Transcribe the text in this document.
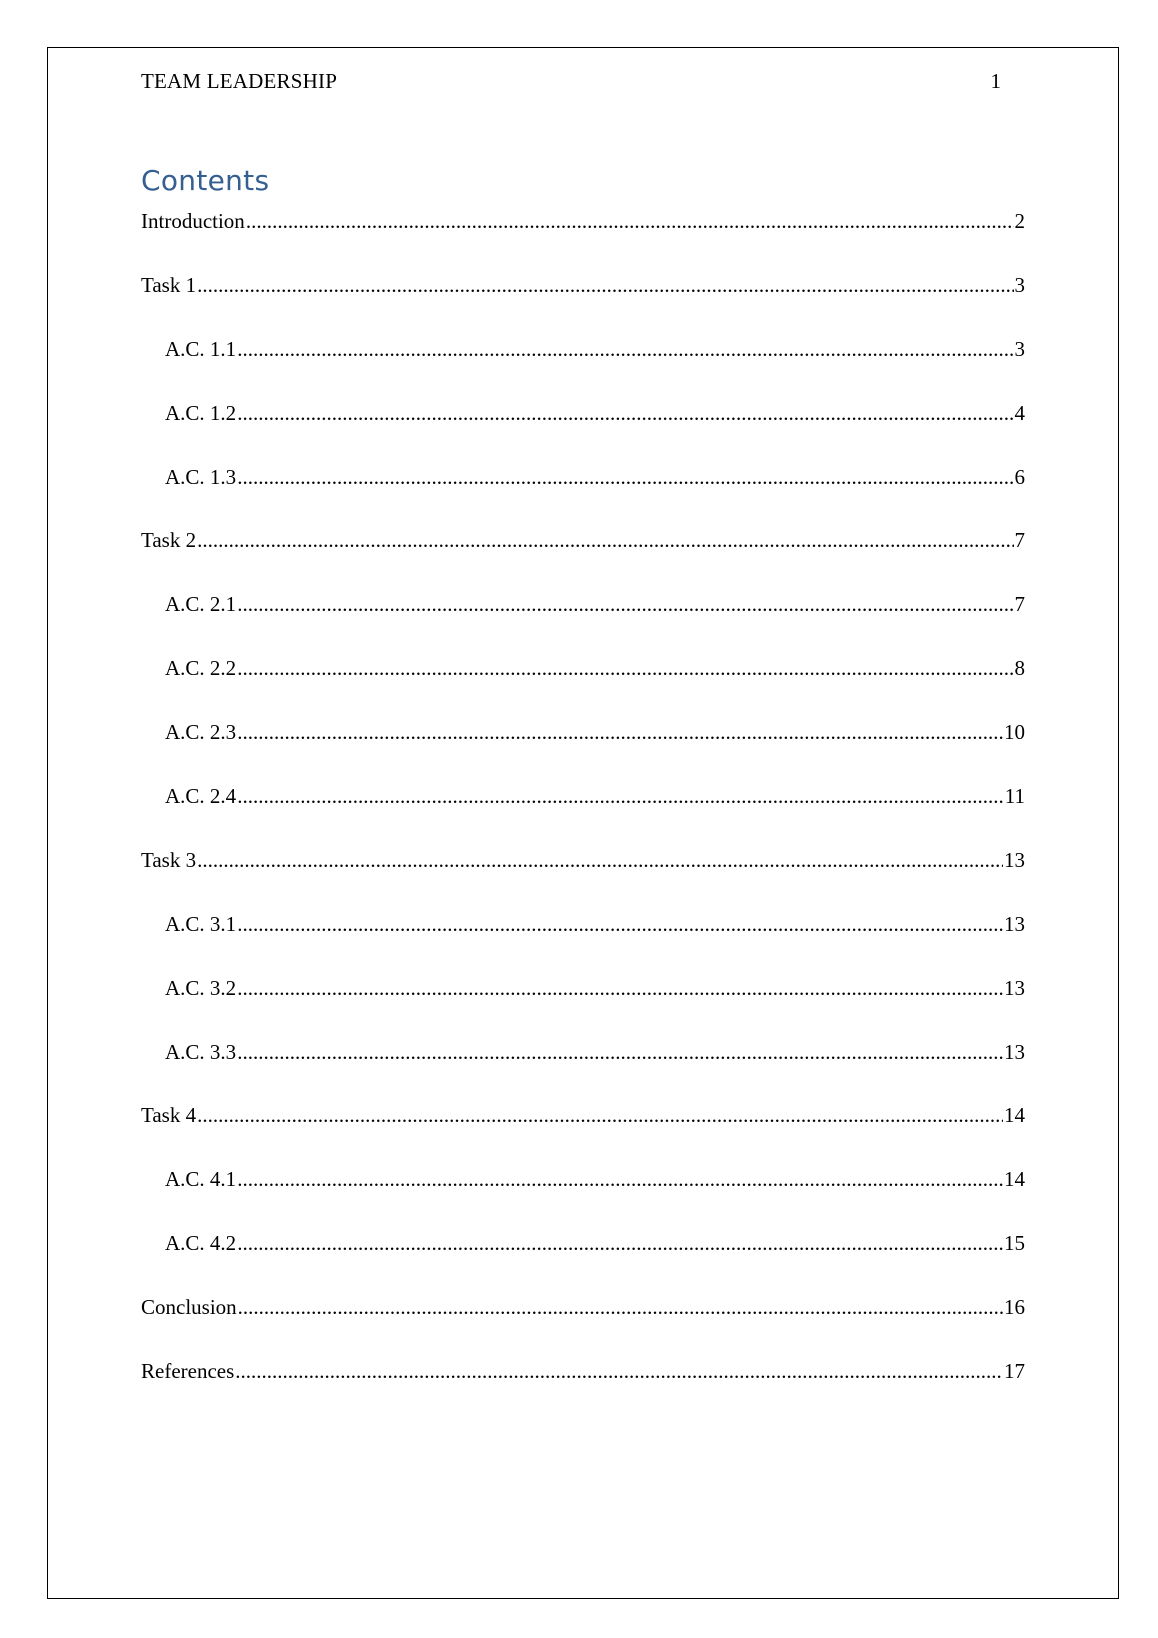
TEAM LEADERSHIP	1
Contents
Introduction .....	2
Task 1 .....	3
A.C. 1.1 .....	3
A.C. 1.2 .....	4
A.C. 1.3 .....	6
Task 2 .....	7
A.C. 2.1 .....	7
A.C. 2.2 .....	8
A.C. 2.3 .....	10
A.C. 2.4 .....	11
Task 3 .....	13
A.C. 3.1 .....	13
A.C. 3.2 .....	13
A.C. 3.3 .....	13
Task 4 .....	14
A.C. 4.1 .....	14
A.C. 4.2 .....	15
Conclusion .....	16
References .....	17
